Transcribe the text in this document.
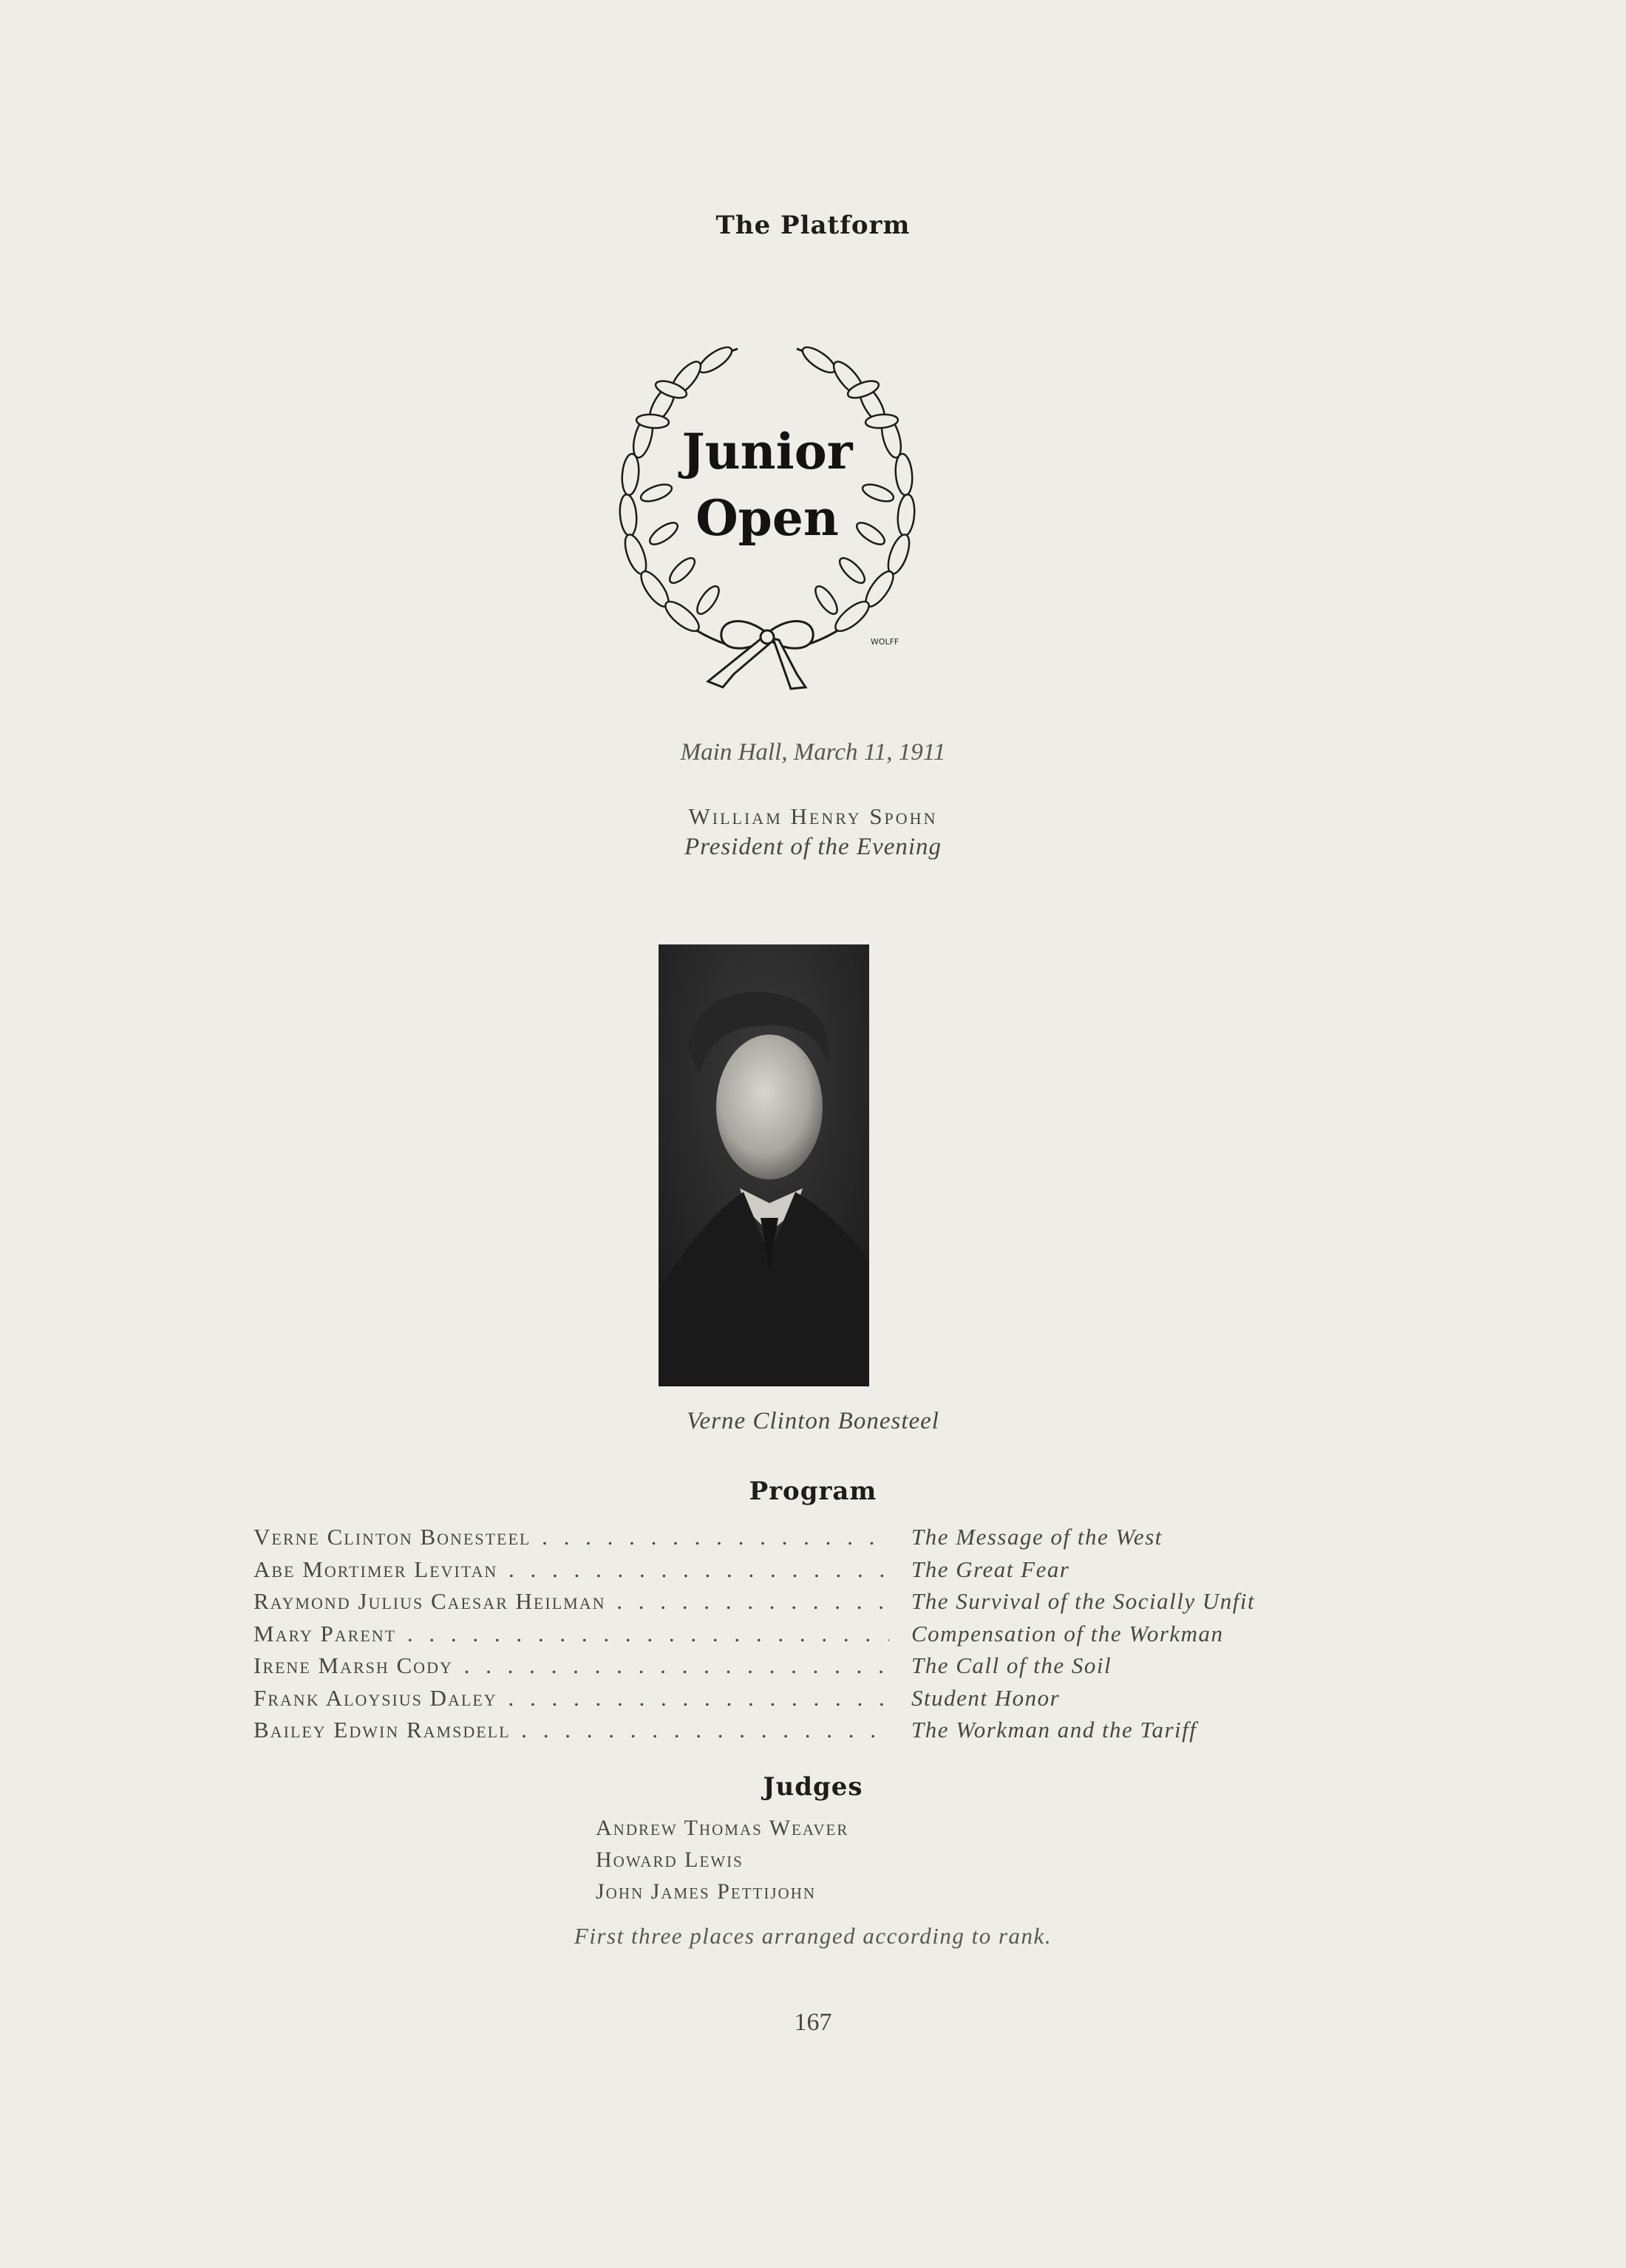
The Platform
WOLFF
Junior
Open
Main Hall, March 11, 1911
William Henry Spohn
President of the Evening
Verne Clinton Bonesteel
Program
Verne Clinton Bonesteel . . .	The Message of the West
Abe Mortimer Levitan . . .	The Great Fear
Raymond Julius Caesar Heilman . . .	The Survival of the Socially Unfit
Mary Parent . . .	Compensation of the Workman
Irene Marsh Cody . . .	The Call of the Soil
Frank Aloysius Daley . . .	Student Honor
Bailey Edwin Ramsdell . . .	The Workman and the Tariff
Judges
Andrew Thomas Weaver
Howard Lewis
John James Pettijohn
First three places arranged according to rank.
167
